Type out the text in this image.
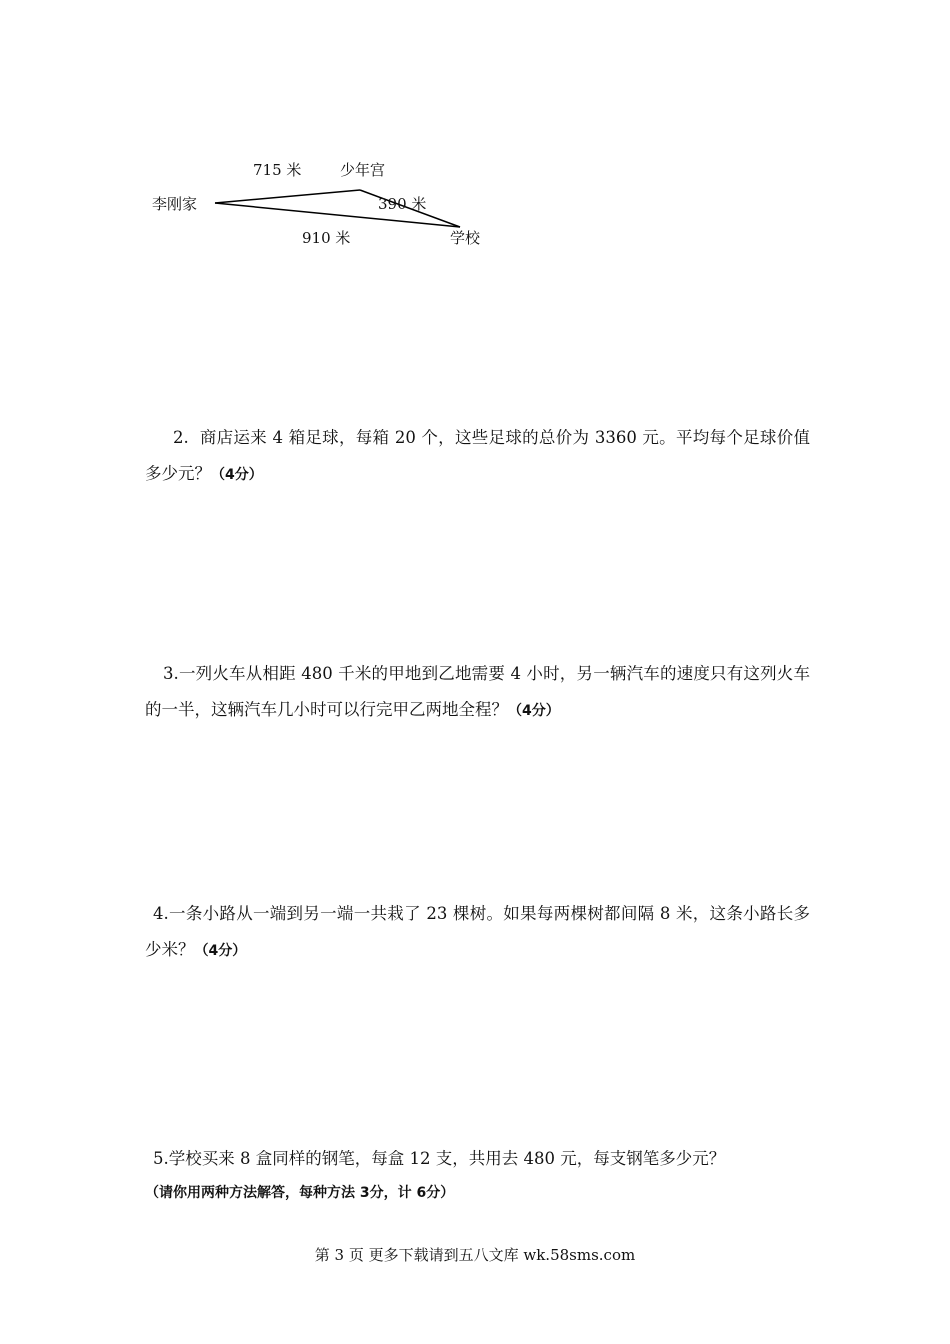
715 米	少年宫
李刚家	390 米
910 米	学校
2. 商店运来 4 箱足球，每箱 20 个，这些足球的总价为 3360 元。平均每个足球价值多少元？（4分）
3.一列火车从相距 480 千米的甲地到乙地需要 4 小时，另一辆汽车的速度只有这列火车的一半，这辆汽车几小时可以行完甲乙两地全程？（4分）
4.一条小路从一端到另一端一共栽了 23 棵树。如果每两棵树都间隔 8 米，这条小路长多少米？（4分）
5.学校买来 8 盒同样的钢笔，每盒 12 支，共用去 480 元，每支钢笔多少元？
（请你用两种方法解答，每种方法 3分，计 6分）
第 3 页 更多下载请到五八文库 wk.58sms.com
